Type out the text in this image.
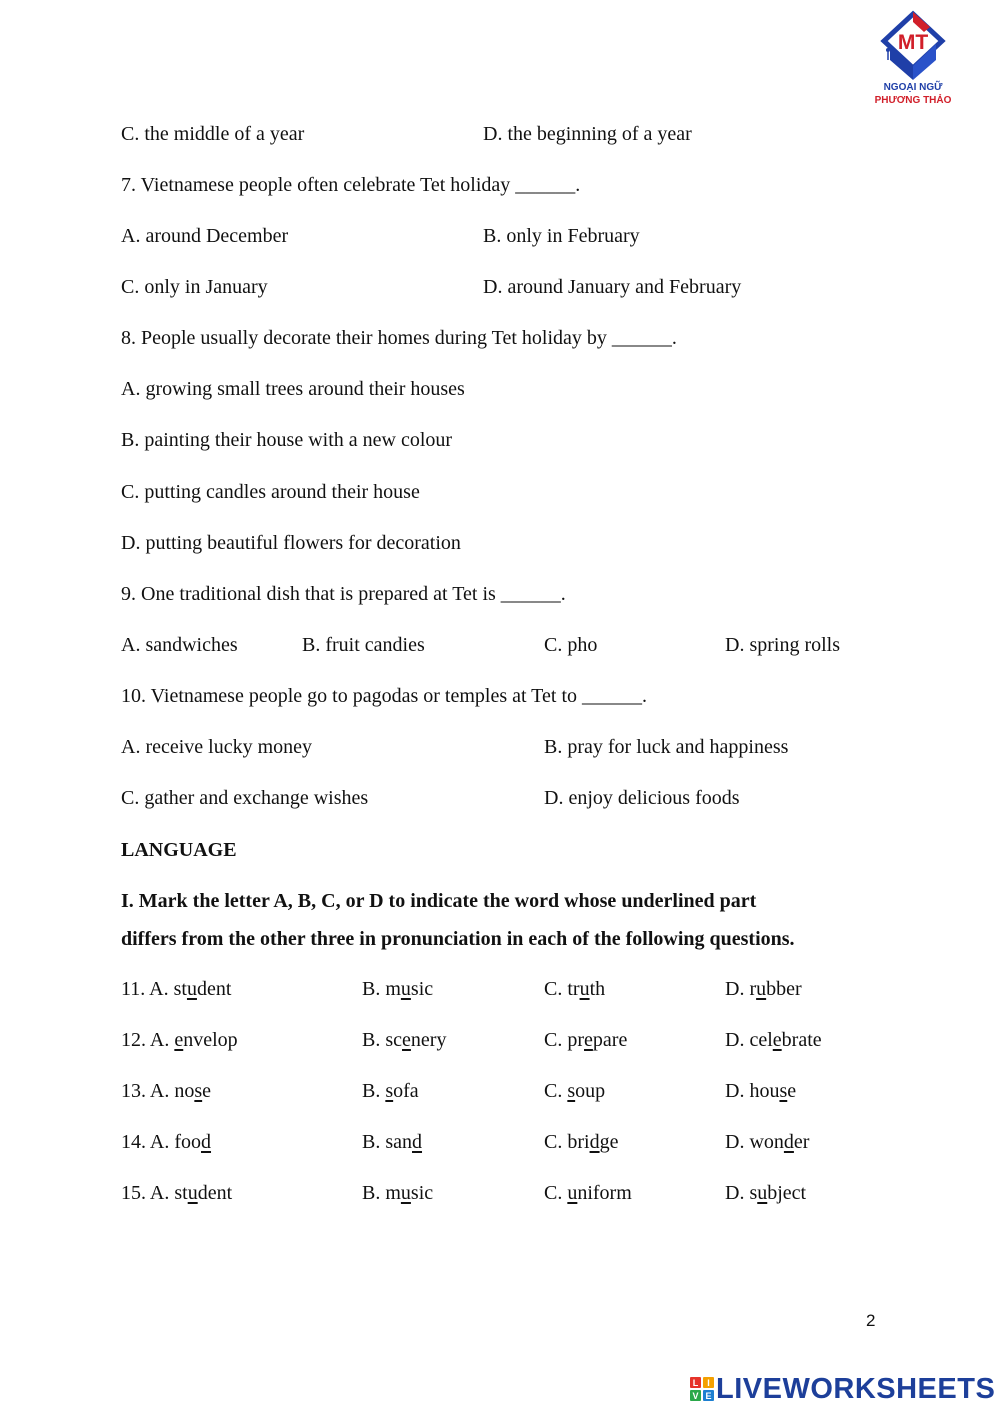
MT
NGOẠI NGỮ
PHƯƠNG THẢO
C. the middle of a year	D. the beginning of a year
7. Vietnamese people often celebrate Tet holiday ______.
A. around December	B. only in February
C. only in January	D. around January and February
8. People usually decorate their homes during Tet holiday by ______.
A. growing small trees around their houses
B. painting their house with a new colour
C. putting candles around their house
D. putting beautiful flowers for decoration
9. One traditional dish that is prepared at Tet is ______.
A. sandwiches	B. fruit candies	C. pho	D. spring rolls
10. Vietnamese people go to pagodas or temples at Tet to ______.
A. receive lucky money	B. pray for luck and happiness
C. gather and exchange wishes	D. enjoy delicious foods
LANGUAGE
I. Mark the letter A, B, C, or D to indicate the word whose underlined part
differs from the other three in pronunciation in each of the following questions.
11. A. student	B. music	C. truth	D. rubber
12. A. envelop	B. scenery	C. prepare	D. celebrate
13. A. nose	B. sofa	C. soup	D. house
14. A. food	B. sand	C. bridge	D. wonder
15. A. student	B. music	C. uniform	D. subject
2
L I
V E LIVEWORKSHEETS
